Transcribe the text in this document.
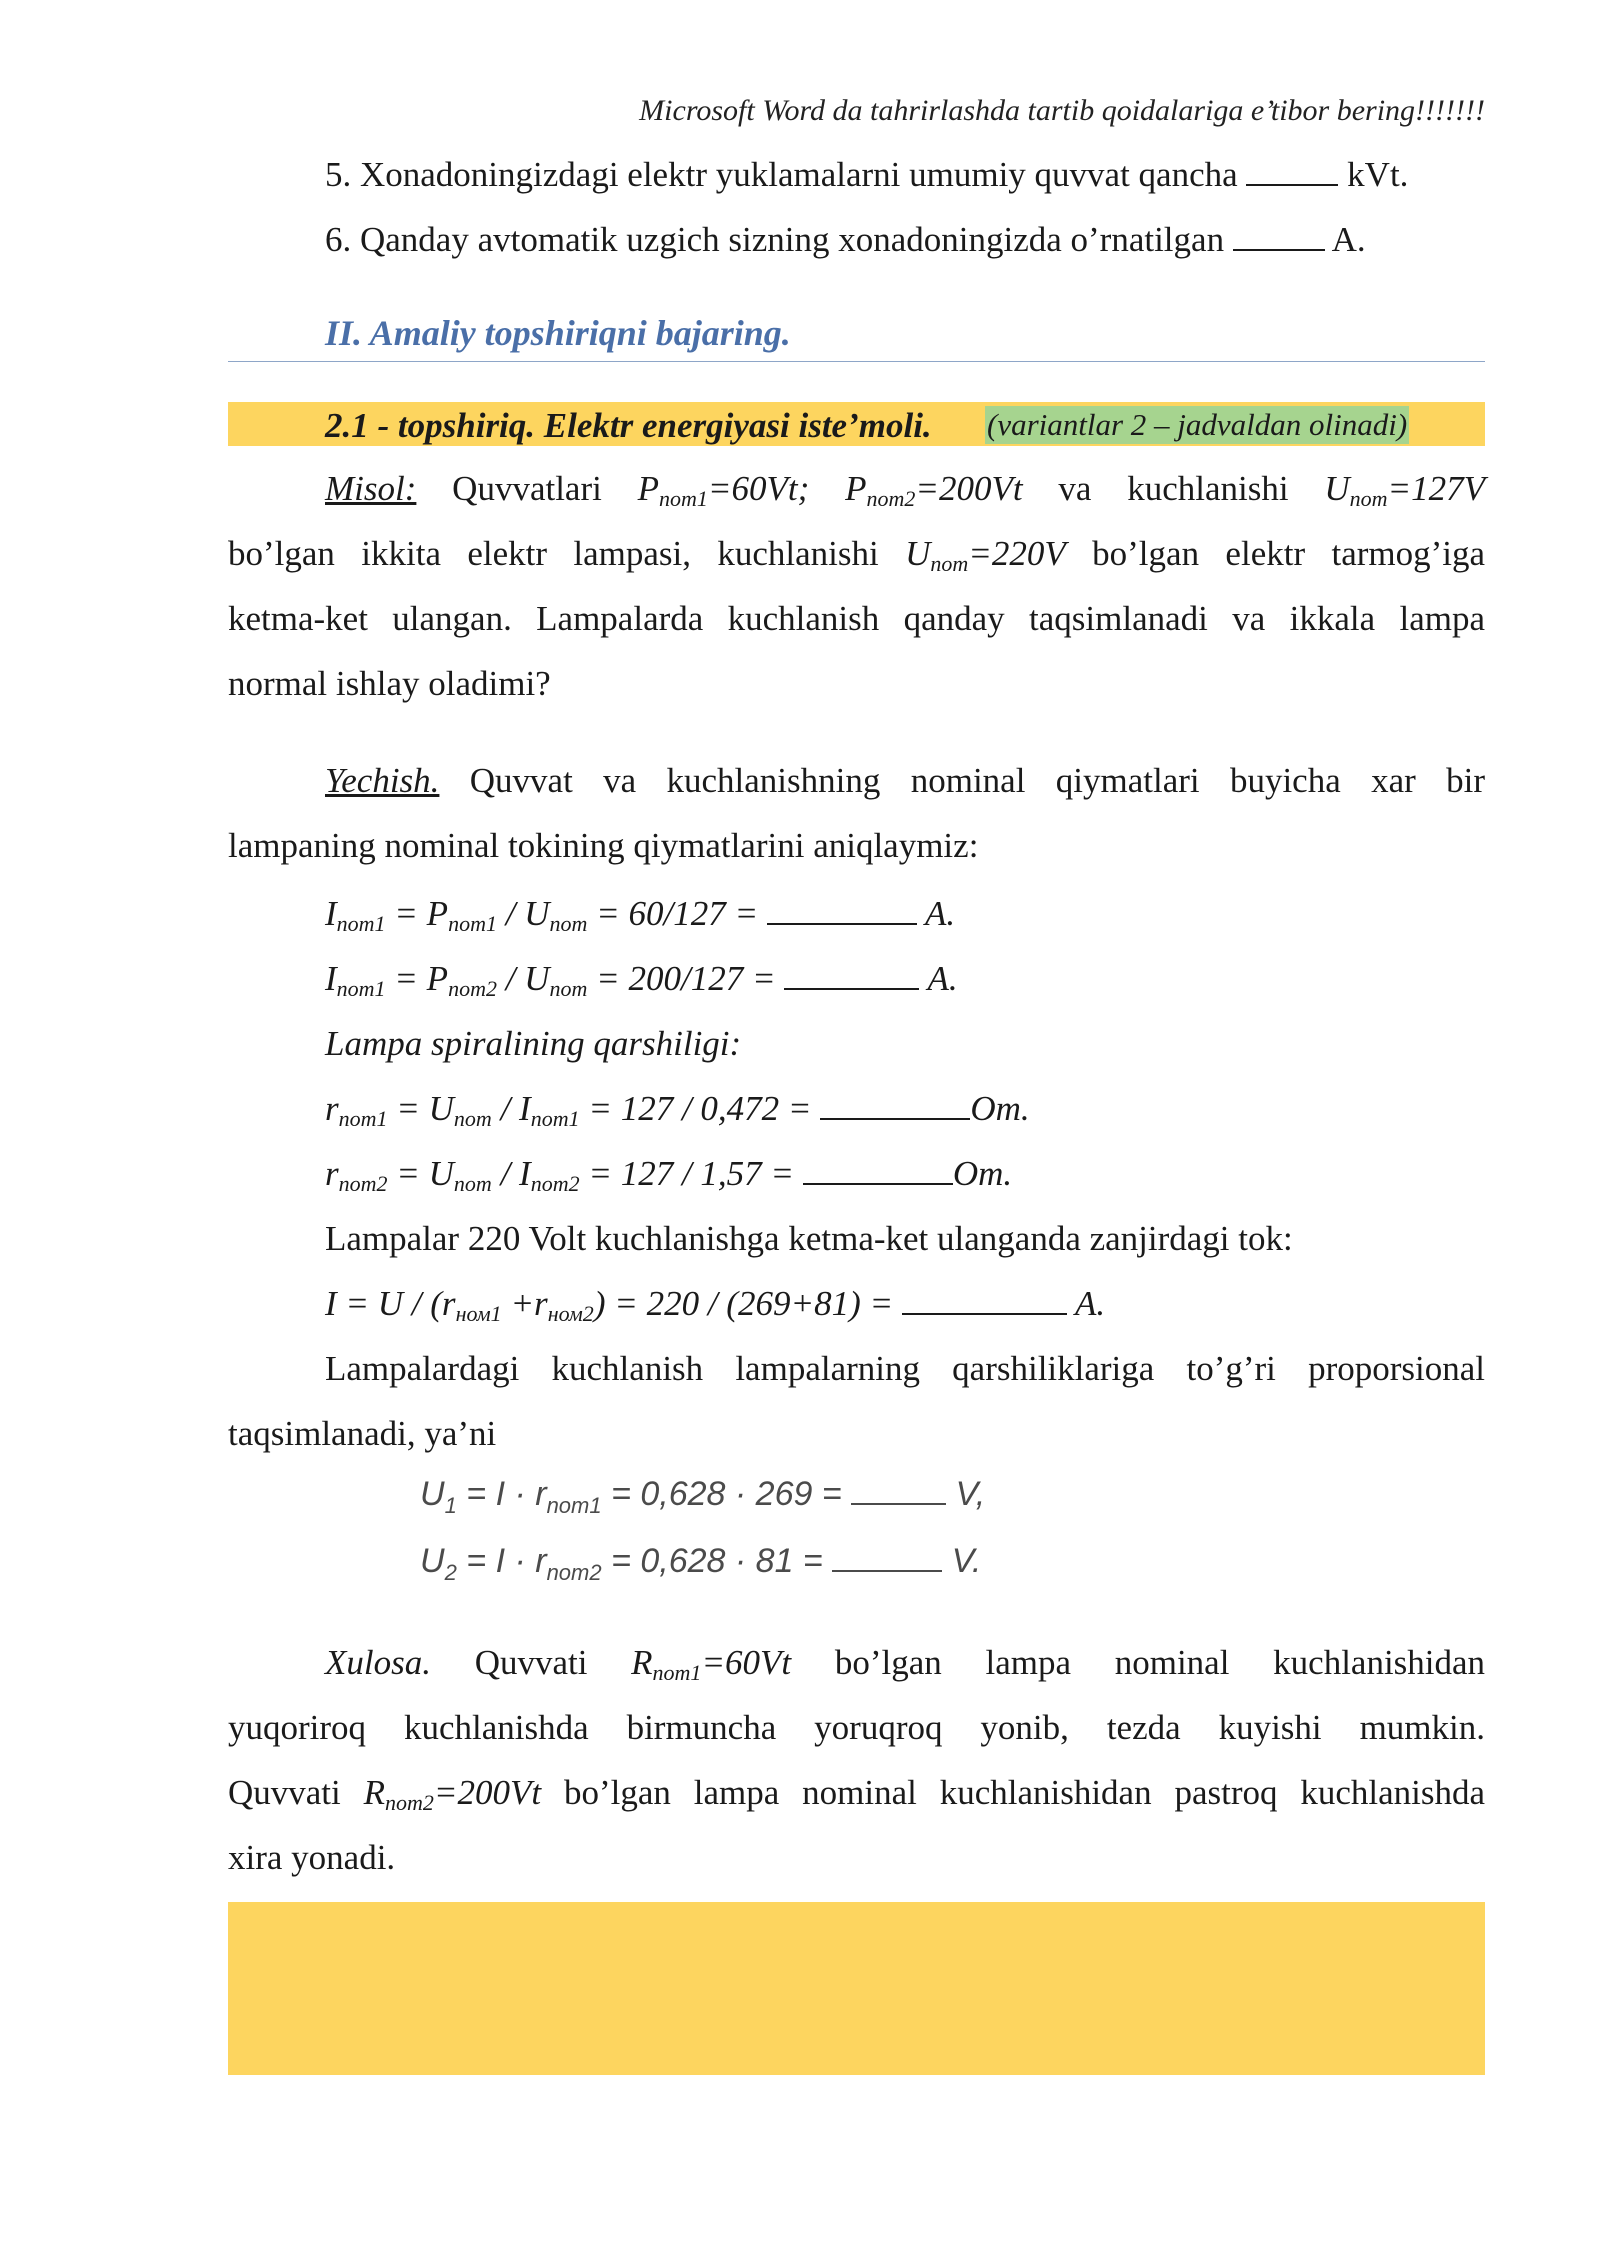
Microsoft Word da tahrirlashda tartib qoidalariga e’tibor bering!!!!!!!
5. Xonadoningizdagi elektr yuklamalarni umumiy quvvat qancha	kVt.
6. Qanday avtomatik uzgich sizning xonadoningizda o’rnatilgan	A.
II. Amaliy topshiriqni bajaring.
2.1 - topshiriq. Elektr energiyasi iste’moli. (variantlar 2 – jadvaldan olinadi)
Misol: Quvvatlari $P_{nom1}=60Vt$; $P_{nom2}=200Vt$ va kuchlanishi $U_{nom}=127V$
bo’lgan ikkita elektr lampasi, kuchlanishi $U_{nom}=220V$ bo’lgan elektr tarmog’iga
ketma-ket ulangan. Lampalarda kuchlanish qanday taqsimlanadi va ikkala lampa
normal ishlay oladimi?
Yechish. Quvvat va kuchlanishning nominal qiymatlari buyicha xar bir
lampaning nominal tokining qiymatlarini aniqlaymiz:
$I_{nom1} = P_{nom1} / U_{nom} = 60/127$ =	A.
$I_{nom1} = P_{nom2} / U_{nom} = 200/127$ =	A.
Lampa spiralining qarshiligi:
$r_{nom1} = U_{nom} / I_{nom1} = 127 / 0,472$ =	Om.
$r_{nom2} = U_{nom} / I_{nom2} = 127 / 1,57$ =	Om.
Lampalar 220 Volt kuchlanishga ketma-ket ulanganda zanjirdagi tok:
$I = U / (r_{ном1} +r_{ном2}) = 220 / (269+81)$ =	A.
Lampalardagi kuchlanish lampalarning qarshiliklariga to’g’ri proporsional
taqsimlanadi, ya’ni
$U_1 = I \cdot r_{nom1} = 0,628 \cdot 269$ =	V,
$U_2 = I \cdot r_{nom2} = 0,628 \cdot 81$ =	V.
Xulosa. Quvvati $R_{nom1}=60Vt$ bo’lgan lampa nominal kuchlanishidan
yuqoriroq kuchlanishda birmuncha yoruqroq yonib, tezda kuyishi mumkin.
Quvvati $R_{nom2}=200Vt$ bo’lgan lampa nominal kuchlanishidan pastroq kuchlanishda
xira yonadi.
